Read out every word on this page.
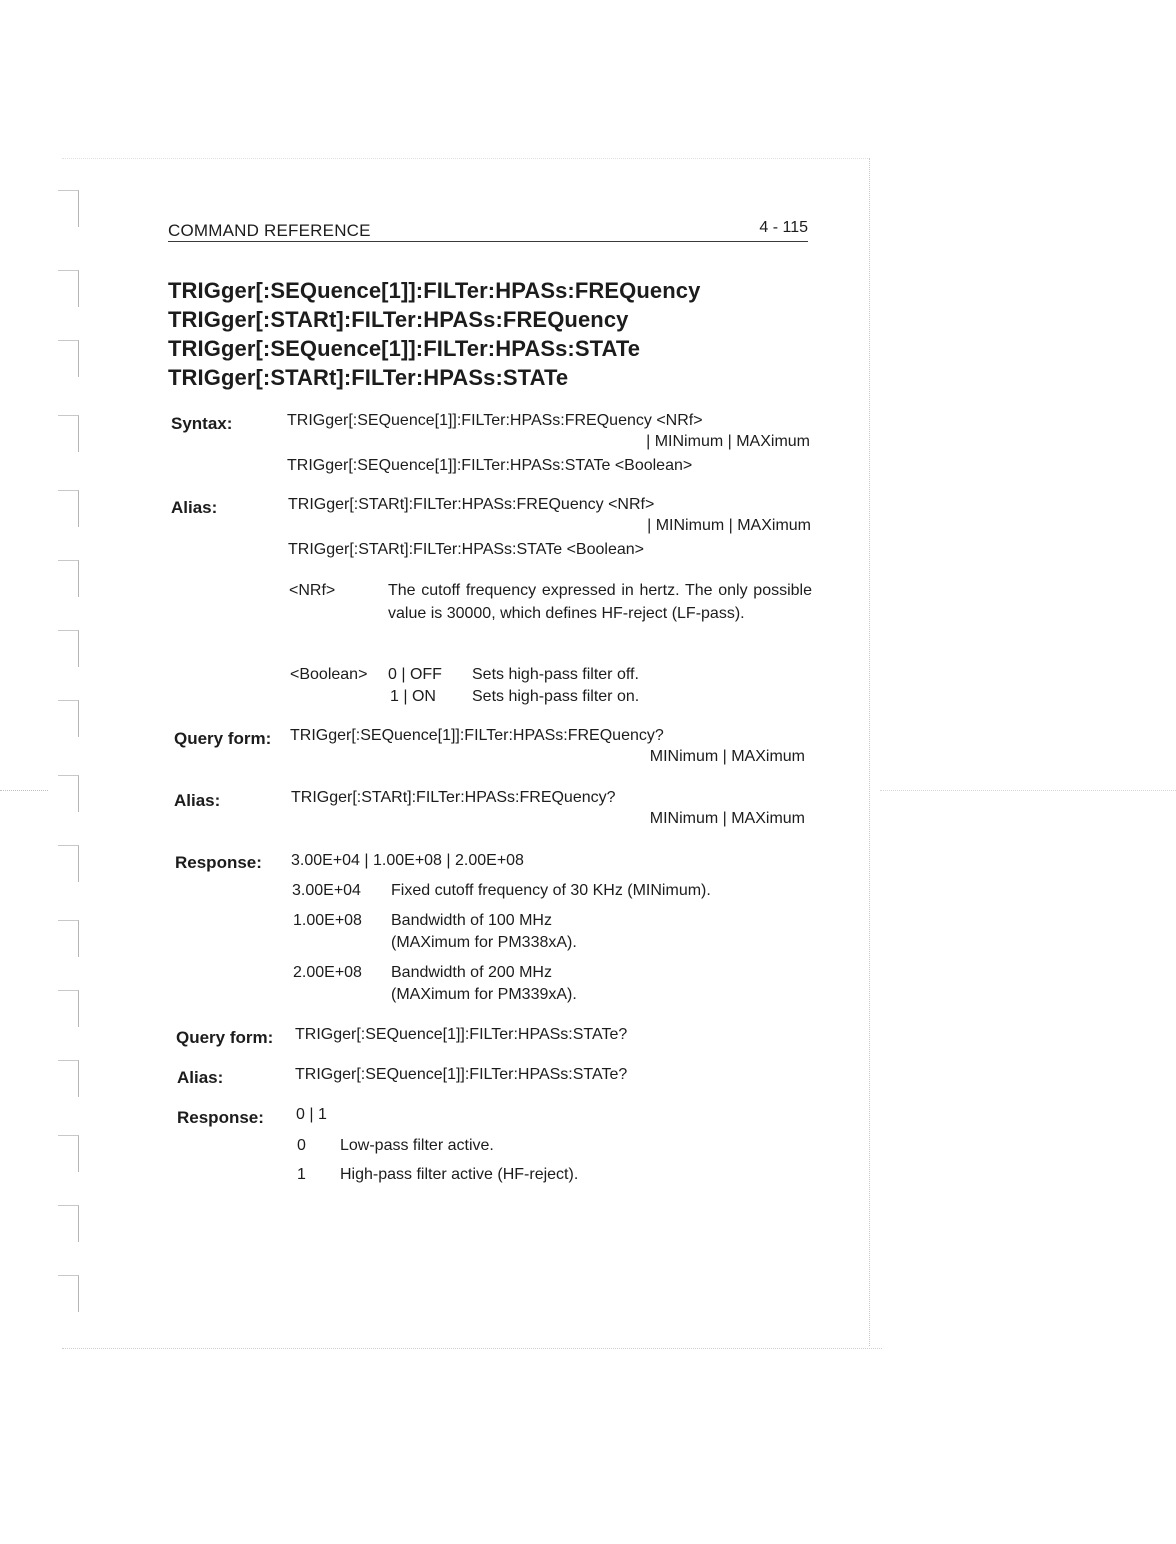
COMMAND REFERENCE	4 - 115
TRIGger[:SEQuence[1]]:FILTer:HPASs:FREQuency
TRIGger[:STARt]:FILTer:HPASs:FREQuency
TRIGger[:SEQuence[1]]:FILTer:HPASs:STATe
TRIGger[:STARt]:FILTer:HPASs:STATe
Syntax:	TRIGger[:SEQuence[1]]:FILTer:HPASs:FREQuency <NRf>
| MINimum | MAXimum
TRIGger[:SEQuence[1]]:FILTer:HPASs:STATe <Boolean>
Alias:	TRIGger[:STARt]:FILTer:HPASs:FREQuency <NRf>
| MINimum | MAXimum
TRIGger[:STARt]:FILTer:HPASs:STATe <Boolean>
<NRf>	The cutoff frequency expressed in hertz. The only possible value is 30000, which defines HF-reject (LF-pass).
<Boolean> 0 | OFF Sets high-pass filter off.
1 | ON Sets high-pass filter on.
Query form: TRIGger[:SEQuence[1]]:FILTer:HPASs:FREQuency?
MINimum | MAXimum
Alias:	TRIGger[:STARt]:FILTer:HPASs:FREQuency?
MINimum | MAXimum
Response: 3.00E+04 | 1.00E+08 | 2.00E+08
3.00E+04 Fixed cutoff frequency of 30 KHz (MINimum).
1.00E+08 Bandwidth of 100 MHz
(MAXimum for PM338xA).
2.00E+08 Bandwidth of 200 MHz
(MAXimum for PM339xA).
Query form: TRIGger[:SEQuence[1]]:FILTer:HPASs:STATe?
Alias:	TRIGger[:SEQuence[1]]:FILTer:HPASs:STATe?
Response: 0 | 1
0 Low-pass filter active.
1 High-pass filter active (HF-reject).
